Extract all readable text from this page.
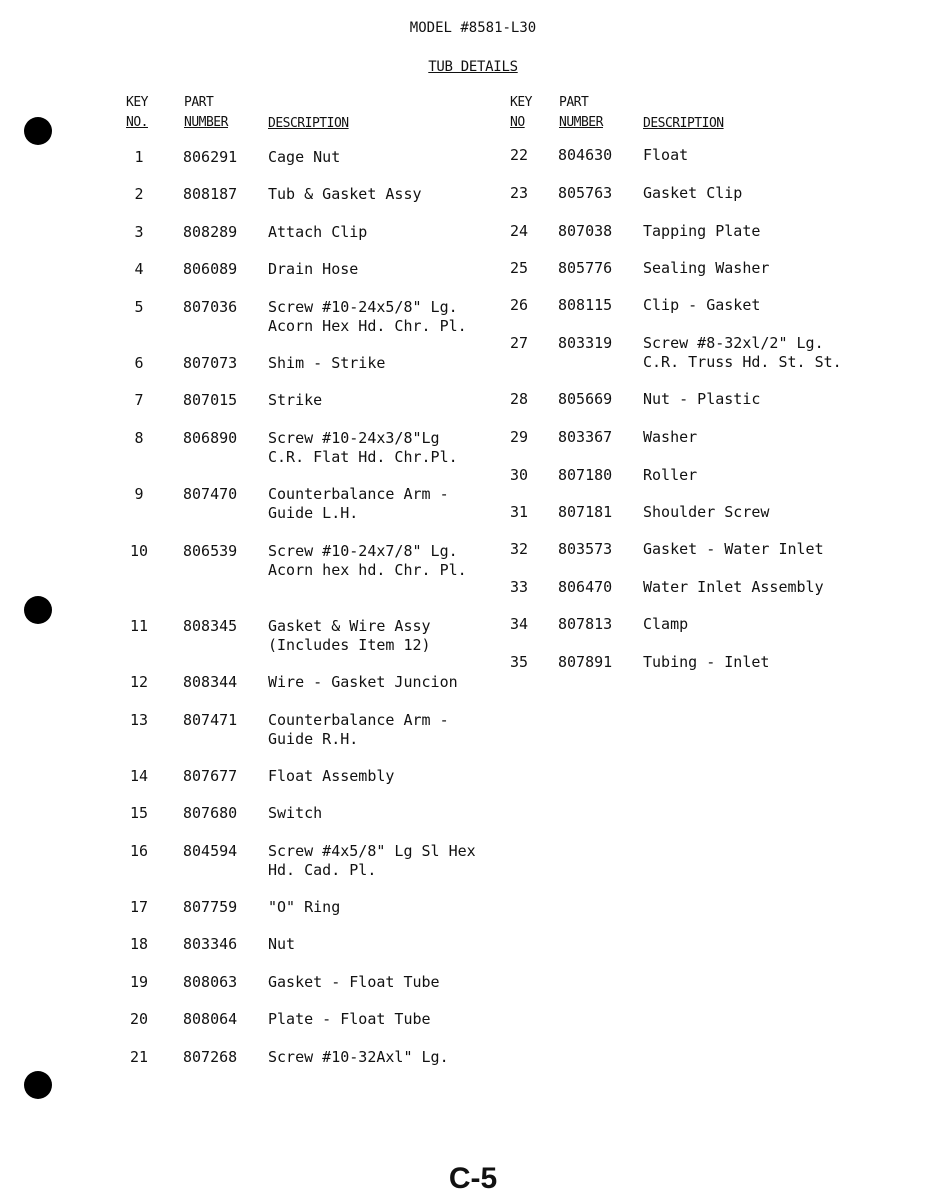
MODEL #8581-L30
TUB DETAILS
KEY
NO.
PART
NUMBER	DESCRIPTION
1	806291 Cage Nut
2	808187 Tub & Gasket Assy
3	808289 Attach Clip
4	806089 Drain Hose
5	807036 Screw #10-24x5/8" Lg.
Acorn Hex Hd. Chr. Pl.
6	807073 Shim - Strike
7	807015 Strike
8	806890 Screw #10-24x3/8"Lg
C.R. Flat Hd. Chr.Pl.
9	807470 Counterbalance Arm -
Guide L.H.
10	806539 Screw #10-24x7/8" Lg.
Acorn hex hd. Chr. Pl.
11	808345 Gasket & Wire Assy
(Includes Item 12)
12	808344 Wire - Gasket Juncion
13	807471 Counterbalance Arm -
Guide R.H.
14	807677 Float Assembly
15	807680 Switch
16	804594 Screw #4x5/8" Lg Sl Hex
Hd. Cad. Pl.
17	807759 "O" Ring
18	803346 Nut
19	808063 Gasket - Float Tube
20	808064 Plate - Float Tube
21	807268 Screw #10-32Axl" Lg.
KEY
NO
PART
NUMBER	DESCRIPTION
22	804630 Float
23	805763 Gasket Clip
24	807038 Tapping Plate
25	805776 Sealing Washer
26	808115 Clip - Gasket
27	803319 Screw #8-32xl/2" Lg.
C.R. Truss Hd. St. St.
28	805669 Nut - Plastic
29	803367 Washer
30	807180 Roller
31	807181 Shoulder Screw
32	803573 Gasket - Water Inlet
33	806470 Water Inlet Assembly
34	807813 Clamp
35	807891 Tubing - Inlet
C-5
